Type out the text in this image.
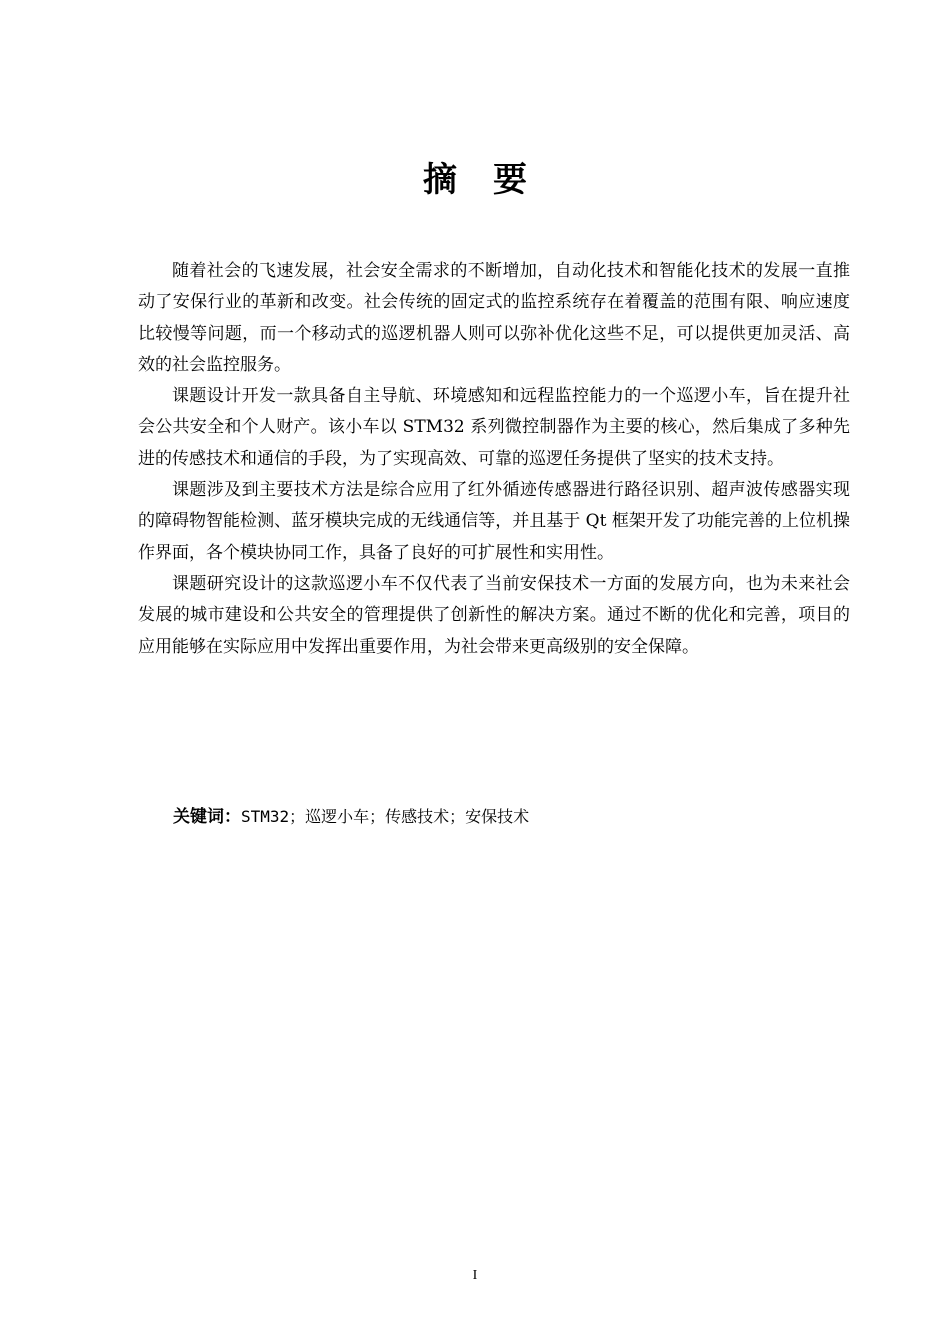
摘 要

随着社会的飞速发展，社会安全需求的不断增加，自动化技术和智能化技术的发展一直推动了安保行业的革新和改变。社会传统的固定式的监控系统存在着覆盖的范围有限、响应速度比较慢等问题，而一个移动式的巡逻机器人则可以弥补优化这些不足，可以提供更加灵活、高效的社会监控服务。

课题设计开发一款具备自主导航、环境感知和远程监控能力的一个巡逻小车，旨在提升社会公共安全和个人财产。该小车以 STM32 系列微控制器作为主要的核心，然后集成了多种先进的传感技术和通信的手段，为了实现高效、可靠的巡逻任务提供了坚实的技术支持。

课题涉及到主要技术方法是综合应用了红外循迹传感器进行路径识别、超声波传感器实现的障碍物智能检测、蓝牙模块完成的无线通信等，并且基于 Qt 框架开发了功能完善的上位机操作界面，各个模块协同工作，具备了良好的可扩展性和实用性。

课题研究设计的这款巡逻小车不仅代表了当前安保技术一方面的发展方向，也为未来社会发展的城市建设和公共安全的管理提供了创新性的解决方案。通过不断的优化和完善，项目的应用能够在实际应用中发挥出重要作用，为社会带来更高级别的安全保障。

关键词：STM32；巡逻小车；传感技术；安保技术
I
